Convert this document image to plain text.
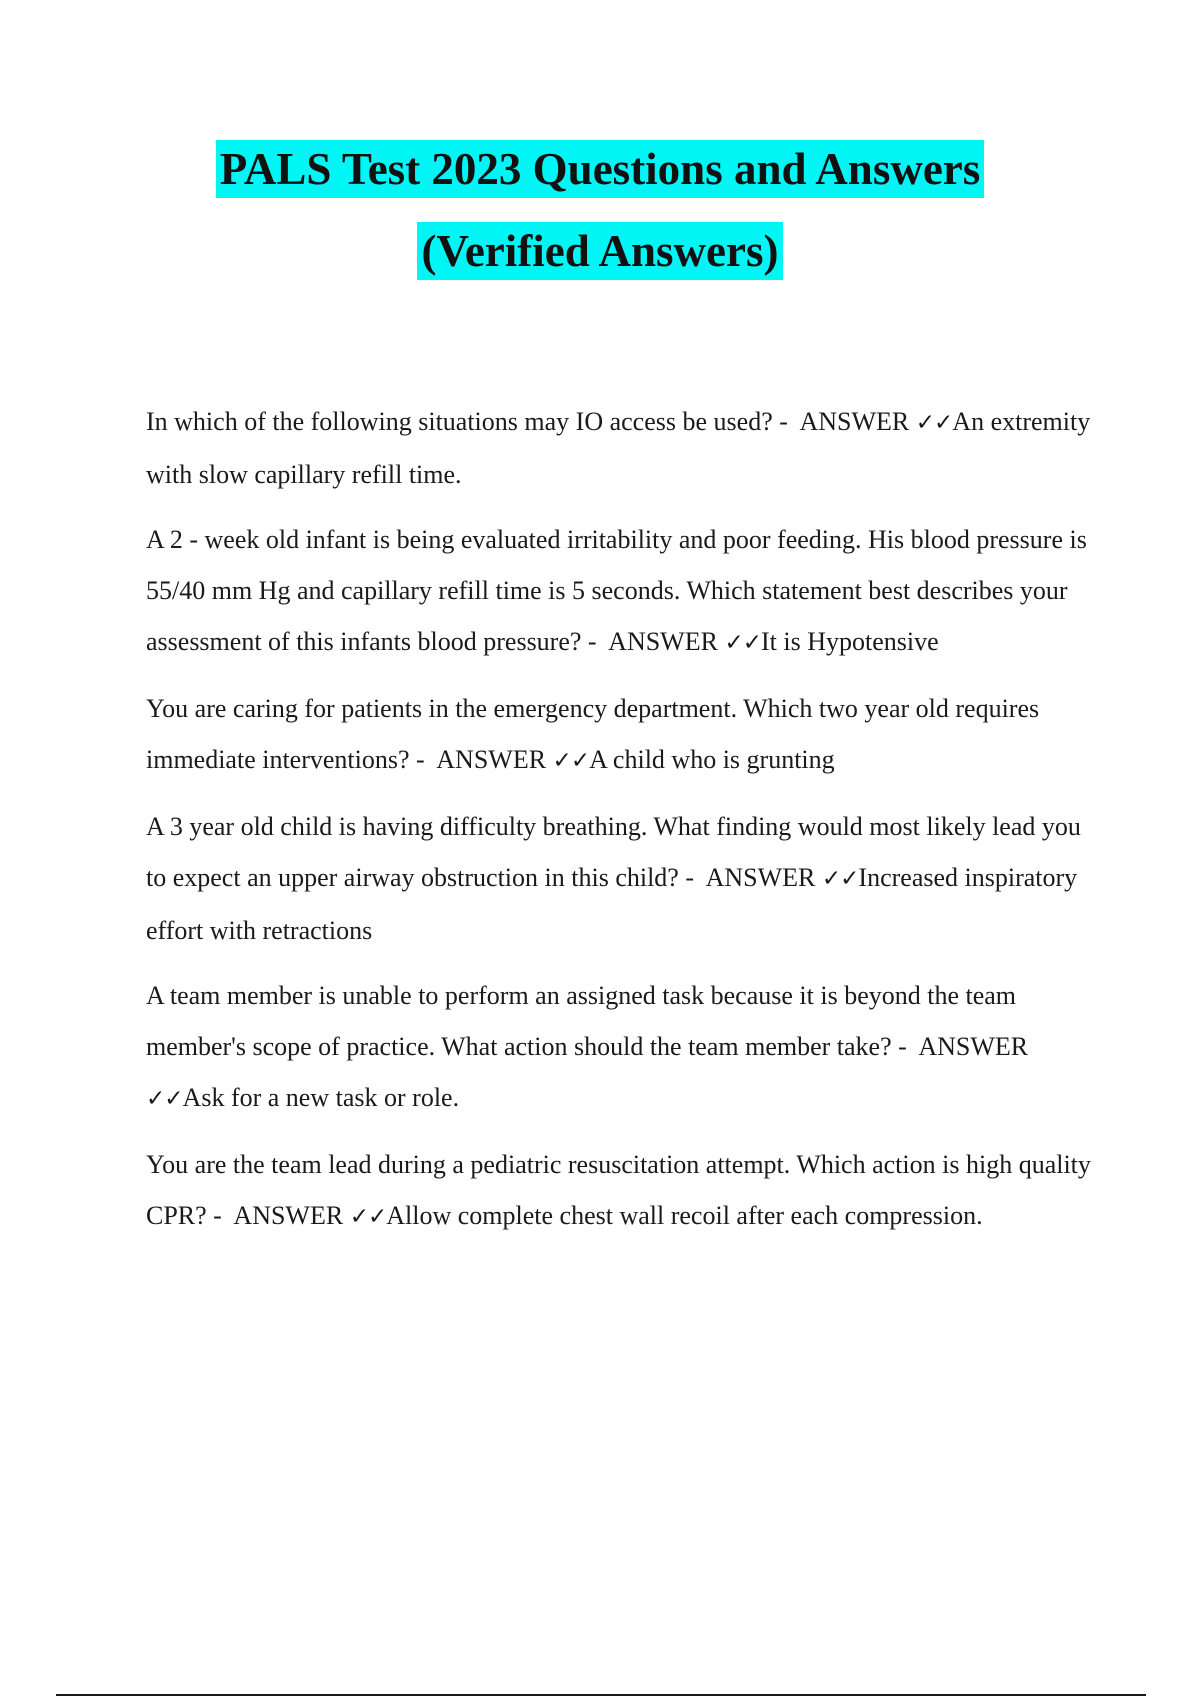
PALS Test 2023 Questions and Answers
(Verified Answers)

In which of the following situations may IO access be used? - ANSWER ✓✓An extremity with slow capillary refill time.

A 2 - week old infant is being evaluated irritability and poor feeding. His blood pressure is 55/40 mm Hg and capillary refill time is 5 seconds. Which statement best describes your assessment of this infants blood pressure? - ANSWER ✓✓It is Hypotensive

You are caring for patients in the emergency department. Which two year old requires immediate interventions? - ANSWER ✓✓A child who is grunting

A 3 year old child is having difficulty breathing. What finding would most likely lead you to expect an upper airway obstruction in this child? - ANSWER ✓✓Increased inspiratory effort with retractions

A team member is unable to perform an assigned task because it is beyond the team member's scope of practice. What action should the team member take? - ANSWER ✓✓Ask for a new task or role.

You are the team lead during a pediatric resuscitation attempt. Which action is high quality CPR? - ANSWER ✓✓Allow complete chest wall recoil after each compression.
